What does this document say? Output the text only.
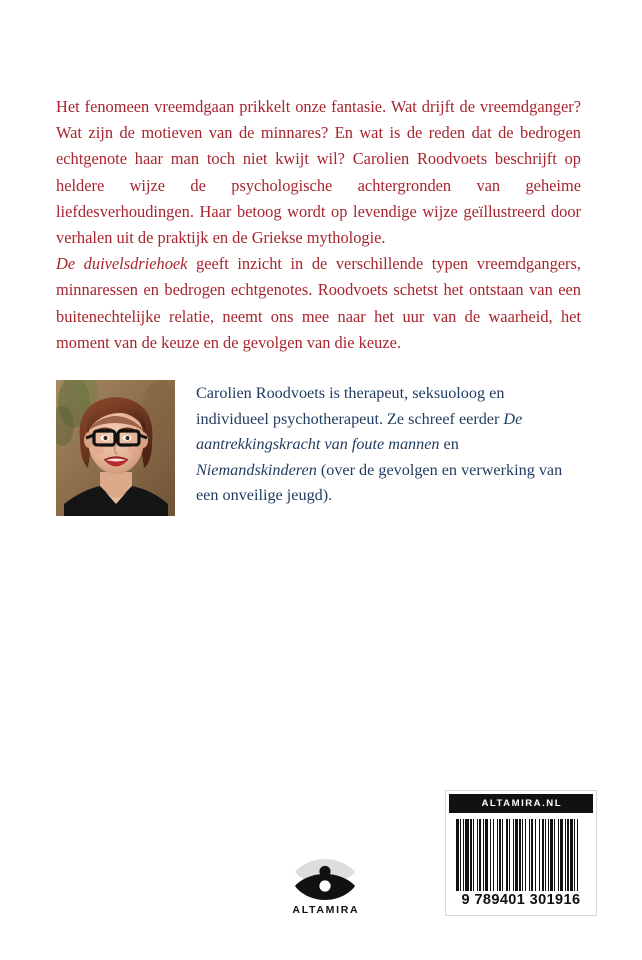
Het fenomeen vreemdgaan prikkelt onze fantasie. Wat drijft de vreemdganger? Wat zijn de motieven van de minnares? En wat is de reden dat de bedrogen echtgenote haar man toch niet kwijt wil? Carolien Roodvoets beschrijft op heldere wijze de psychologische achtergronden van geheime liefdesverhoudingen. Haar betoog wordt op levendige wijze geïllustreerd door verhalen uit de praktijk en de Griekse mythologie.

De duivelsdriehoek geeft inzicht in de verschillende typen vreemdgangers, minnaressen en bedrogen echtgenotes. Roodvoets schetst het ontstaan van een buitenechtelijke relatie, neemt ons mee naar het uur van de waarheid, het moment van de keuze en de gevolgen van die keuze.

Carolien Roodvoets is therapeut, seksuoloog en individueel psychotherapeut. Ze schreef eerder De aantrekkingskracht van foute mannen en Niemandskinderen (over de gevolgen en verwerking van een onveilige jeugd).

ALTAMIRA
ALTAMIRA.NL
9 789401 301916
